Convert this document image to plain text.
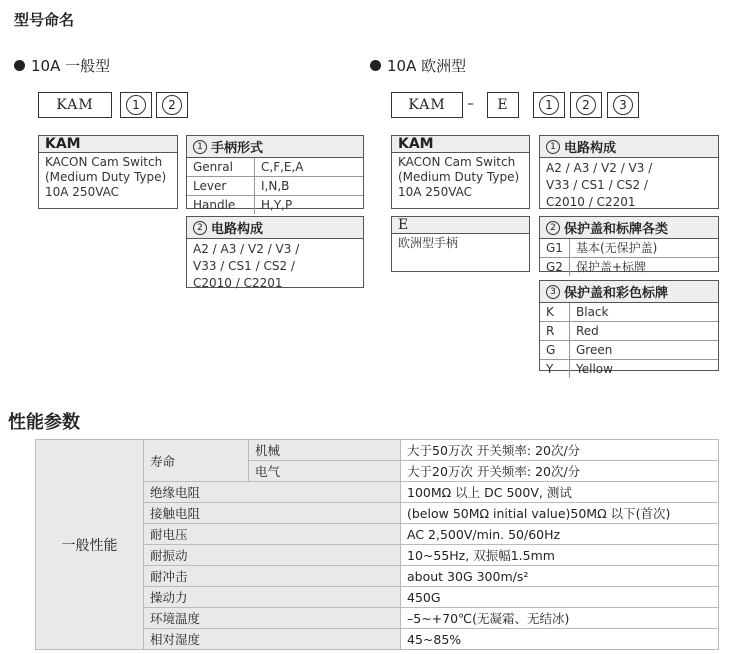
型号命名
10A 一般型
KAM	1	2
KAM
KACON Cam Switch
(Medium Duty Type)
10A 250VAC
1 手柄形式
Genral	C,F,E,A
Lever	I,N,B
Handle	H,Y,P
2 电路构成
A2 / A3 / V2 / V3 /
V33 / CS1 / CS2 /
C2010 / C2201
10A 欧洲型
KAM	–	E	1	2	3
KAM
KACON Cam Switch
(Medium Duty Type)
10A 250VAC
E
欧洲型手柄
1 电路构成
A2 / A3 / V2 / V3 /
V33 / CS1 / CS2 /
C2010 / C2201
2 保护盖和标牌各类
G1	基本(无保护盖)
G2	保护盖+标牌
3 保护盖和彩色标牌
K	Black
R	Red
G	Green
Y	Yellow
性能参数
一般性能	寿命	机械	大于50万次 开关频率: 20次/分
		电气	大于20万次 开关频率: 20次/分
	绝缘电阻		100MΩ 以上 DC 500V, 测试
	接触电阻		(below 50MΩ initial value)50MΩ 以下(首次)
	耐电压		AC 2,500V/min. 50/60Hz
	耐振动		10~55Hz, 双振幅1.5mm
	耐冲击		about 30G 300m/s²
	操动力		450G
	环境温度		–5~+70℃(无凝霜、无结冰)
	相对湿度		45~85%
